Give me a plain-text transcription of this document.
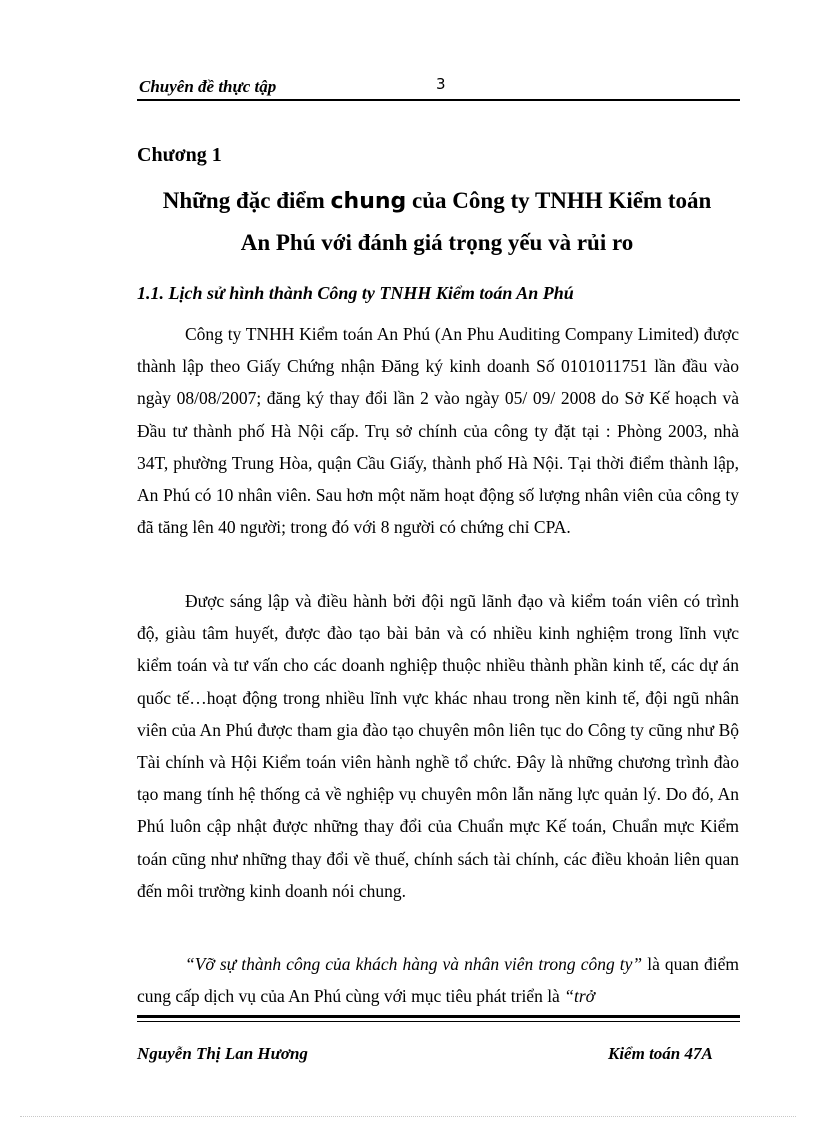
Chuyên đề thực tập	3
Chương 1
Những đặc điểm chung của Công ty TNHH Kiểm toán
An Phú với đánh giá trọng yếu và rủi ro
1.1. Lịch sử hình thành Công ty TNHH Kiểm toán An Phú
Công ty TNHH Kiểm toán An Phú (An Phu Auditing Company Limited) được thành lập theo Giấy Chứng nhận Đăng ký kinh doanh Số 0101011751 lần đầu vào ngày 08/08/2007; đăng ký thay đổi lần 2 vào ngày 05/ 09/ 2008 do Sở Kế hoạch và Đầu tư thành phố Hà Nội cấp. Trụ sở chính của công ty đặt tại : Phòng 2003, nhà 34T, phường Trung Hòa, quận Cầu Giấy, thành phố Hà Nội. Tại thời điểm thành lập, An Phú có 10 nhân viên. Sau hơn một năm hoạt động số lượng nhân viên của công ty đã tăng lên 40 người; trong đó với 8 người có chứng chỉ CPA.
Được sáng lập và điều hành bởi đội ngũ lãnh đạo và kiểm toán viên có trình độ, giàu tâm huyết, được đào tạo bài bản và có nhiều kinh nghiệm trong lĩnh vực kiểm toán và tư vấn cho các doanh nghiệp thuộc nhiều thành phần kinh tế, các dự án quốc tế…hoạt động trong nhiều lĩnh vực khác nhau trong nền kinh tế, đội ngũ nhân viên của An Phú được tham gia đào tạo chuyên môn liên tục do Công ty cũng như Bộ Tài chính và Hội Kiểm toán viên hành nghề tổ chức. Đây là những chương trình đào tạo mang tính hệ thống cả về nghiệp vụ chuyên môn lẫn năng lực quản lý. Do đó, An Phú luôn cập nhật được những thay đổi của Chuẩn mực Kế toán, Chuẩn mực Kiểm toán cũng như những thay đổi về thuế, chính sách tài chính, các điều khoản liên quan đến môi trường kinh doanh nói chung.
“Vỡ sự thành công của khách hàng và nhân viên trong công ty” là quan điểm cung cấp dịch vụ của An Phú cùng với mục tiêu phát triển là “trở
Nguyễn Thị Lan Hương	Kiểm toán 47A
